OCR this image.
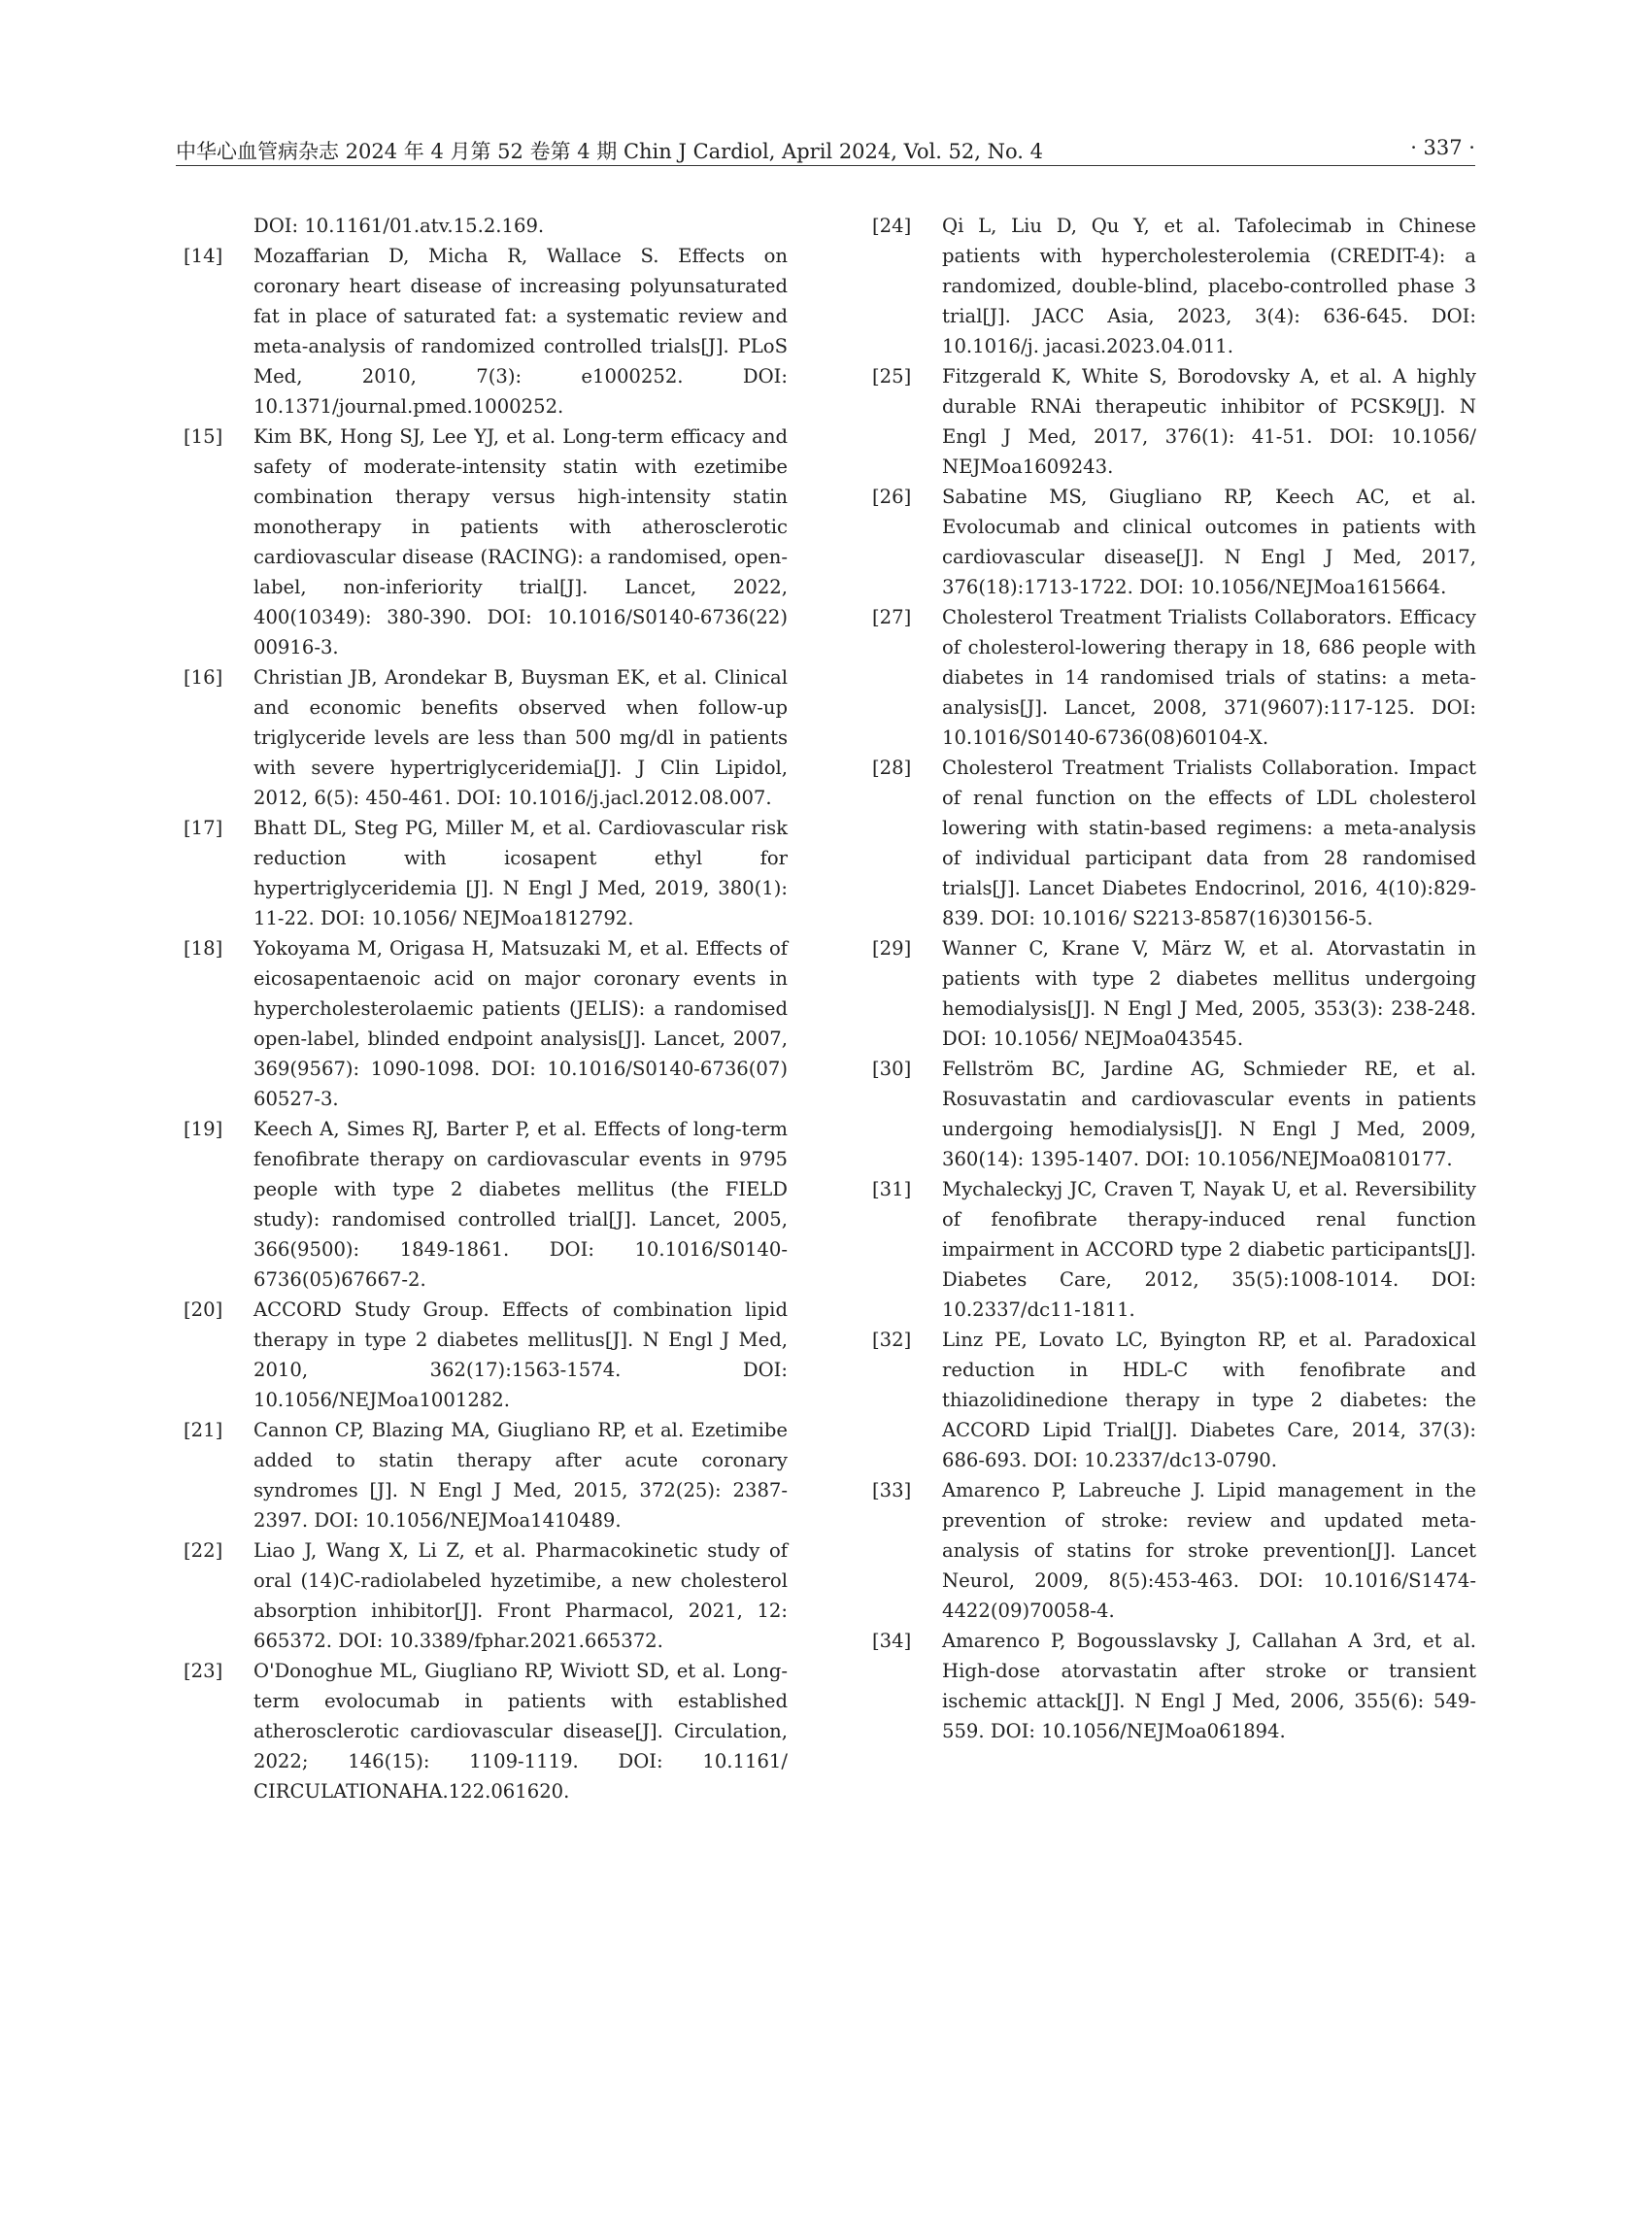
中华心血管病杂志 2024 年 4 月第 52 卷第 4 期 Chin J Cardiol, April 2024, Vol. 52, No. 4	· 337 ·
DOI: 10.1161/01.atv.15.2.169.
[14] Mozaffarian D, Micha R, Wallace S. Effects on coronary heart disease of increasing polyunsaturated fat in place of saturated fat: a systematic review and meta-analysis of randomized controlled trials[J]. PLoS Med, 2010, 7(3): e1000252. DOI: 10.1371/journal.pmed.1000252.
[15] Kim BK, Hong SJ, Lee YJ, et al. Long-term efficacy and safety of moderate-intensity statin with ezetimibe combination therapy versus high-intensity statin monotherapy in patients with atherosclerotic cardiovascular disease (RACING): a randomised, open-label, non-inferiority trial[J]. Lancet, 2022, 400(10349): 380-390. DOI: 10.1016/S0140-6736(22) 00916-3.
[16] Christian JB, Arondekar B, Buysman EK, et al. Clinical and economic benefits observed when follow-up triglyceride levels are less than 500 mg/dl in patients with severe hypertriglyceridemia[J]. J Clin Lipidol, 2012, 6(5): 450-461. DOI: 10.1016/j.jacl.2012.08.007.
[17] Bhatt DL, Steg PG, Miller M, et al. Cardiovascular risk reduction with icosapent ethyl for hypertriglyceridemia [J]. N Engl J Med, 2019, 380(1): 11-22. DOI: 10.1056/ NEJMoa1812792.
[18] Yokoyama M, Origasa H, Matsuzaki M, et al. Effects of eicosapentaenoic acid on major coronary events in hypercholesterolaemic patients (JELIS): a randomised open-label, blinded endpoint analysis[J]. Lancet, 2007, 369(9567): 1090-1098. DOI: 10.1016/S0140-6736(07) 60527-3.
[19] Keech A, Simes RJ, Barter P, et al. Effects of long-term fenofibrate therapy on cardiovascular events in 9795 people with type 2 diabetes mellitus (the FIELD study): randomised controlled trial[J]. Lancet, 2005, 366(9500): 1849-1861. DOI: 10.1016/S0140-6736(05)67667-2.
[20] ACCORD Study Group. Effects of combination lipid therapy in type 2 diabetes mellitus[J]. N Engl J Med, 2010, 362(17):1563-1574. DOI: 10.1056/NEJMoa1001282.
[21] Cannon CP, Blazing MA, Giugliano RP, et al. Ezetimibe added to statin therapy after acute coronary syndromes [J]. N Engl J Med, 2015, 372(25): 2387-2397. DOI: 10.1056/NEJMoa1410489.
[22] Liao J, Wang X, Li Z, et al. Pharmacokinetic study of oral (14)C-radiolabeled hyzetimibe, a new cholesterol absorption inhibitor[J]. Front Pharmacol, 2021, 12: 665372. DOI: 10.3389/fphar.2021.665372.
[23] O'Donoghue ML, Giugliano RP, Wiviott SD, et al. Long-term evolocumab in patients with established atherosclerotic cardiovascular disease[J]. Circulation, 2022; 146(15): 1109-1119. DOI: 10.1161/ CIRCULATIONAHA.122.061620.
[24] Qi L, Liu D, Qu Y, et al. Tafolecimab in Chinese patients with hypercholesterolemia (CREDIT-4): a randomized, double-blind, placebo-controlled phase 3 trial[J]. JACC Asia, 2023, 3(4): 636-645. DOI: 10.1016/j. jacasi.2023.04.011.
[25] Fitzgerald K, White S, Borodovsky A, et al. A highly durable RNAi therapeutic inhibitor of PCSK9[J]. N Engl J Med, 2017, 376(1): 41-51. DOI: 10.1056/ NEJMoa1609243.
[26] Sabatine MS, Giugliano RP, Keech AC, et al. Evolocumab and clinical outcomes in patients with cardiovascular disease[J]. N Engl J Med, 2017, 376(18):1713-1722. DOI: 10.1056/NEJMoa1615664.
[27] Cholesterol Treatment Trialists Collaborators. Efficacy of cholesterol-lowering therapy in 18, 686 people with diabetes in 14 randomised trials of statins: a meta-analysis[J]. Lancet, 2008, 371(9607):117-125. DOI: 10.1016/S0140-6736(08)60104-X.
[28] Cholesterol Treatment Trialists Collaboration. Impact of renal function on the effects of LDL cholesterol lowering with statin-based regimens: a meta-analysis of individual participant data from 28 randomised trials[J]. Lancet Diabetes Endocrinol, 2016, 4(10):829-839. DOI: 10.1016/ S2213-8587(16)30156-5.
[29] Wanner C, Krane V, März W, et al. Atorvastatin in patients with type 2 diabetes mellitus undergoing hemodialysis[J]. N Engl J Med, 2005, 353(3): 238-248. DOI: 10.1056/ NEJMoa043545.
[30] Fellström BC, Jardine AG, Schmieder RE, et al. Rosuvastatin and cardiovascular events in patients undergoing hemodialysis[J]. N Engl J Med, 2009, 360(14): 1395-1407. DOI: 10.1056/NEJMoa0810177.
[31] Mychaleckyj JC, Craven T, Nayak U, et al. Reversibility of fenofibrate therapy-induced renal function impairment in ACCORD type 2 diabetic participants[J]. Diabetes Care, 2012, 35(5):1008-1014. DOI: 10.2337/dc11-1811.
[32] Linz PE, Lovato LC, Byington RP, et al. Paradoxical reduction in HDL-C with fenofibrate and thiazolidinedione therapy in type 2 diabetes: the ACCORD Lipid Trial[J]. Diabetes Care, 2014, 37(3): 686-693. DOI: 10.2337/dc13-0790.
[33] Amarenco P, Labreuche J. Lipid management in the prevention of stroke: review and updated meta-analysis of statins for stroke prevention[J]. Lancet Neurol, 2009, 8(5):453-463. DOI: 10.1016/S1474-4422(09)70058-4.
[34] Amarenco P, Bogousslavsky J, Callahan A 3rd, et al. High-dose atorvastatin after stroke or transient ischemic attack[J]. N Engl J Med, 2006, 355(6): 549-559. DOI: 10.1056/NEJMoa061894.
